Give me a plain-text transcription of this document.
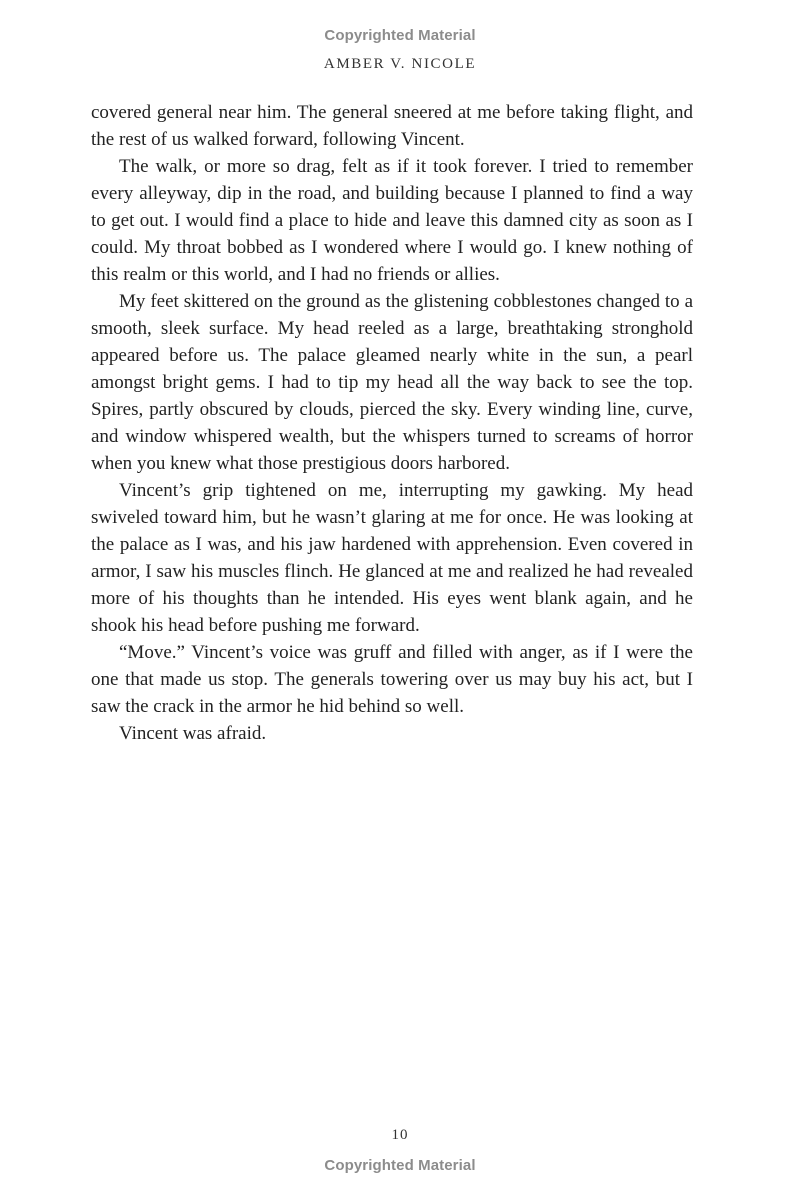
Copyrighted Material
AMBER V. NICOLE

covered general near him. The general sneered at me before taking flight, and the rest of us walked forward, following Vincent.

The walk, or more so drag, felt as if it took forever. I tried to remember every alleyway, dip in the road, and building because I planned to find a way to get out. I would find a place to hide and leave this damned city as soon as I could. My throat bobbed as I wondered where I would go. I knew nothing of this realm or this world, and I had no friends or allies.

My feet skittered on the ground as the glistening cobblestones changed to a smooth, sleek surface. My head reeled as a large, breathtaking stronghold appeared before us. The palace gleamed nearly white in the sun, a pearl amongst bright gems. I had to tip my head all the way back to see the top. Spires, partly obscured by clouds, pierced the sky. Every winding line, curve, and window whispered wealth, but the whispers turned to screams of horror when you knew what those prestigious doors harbored.

Vincent’s grip tightened on me, interrupting my gawking. My head swiveled toward him, but he wasn’t glaring at me for once. He was looking at the palace as I was, and his jaw hardened with apprehension. Even covered in armor, I saw his muscles flinch. He glanced at me and realized he had revealed more of his thoughts than he intended. His eyes went blank again, and he shook his head before pushing me forward.

“Move.” Vincent’s voice was gruff and filled with anger, as if I were the one that made us stop. The generals towering over us may buy his act, but I saw the crack in the armor he hid behind so well.

Vincent was afraid.

10
Copyrighted Material
